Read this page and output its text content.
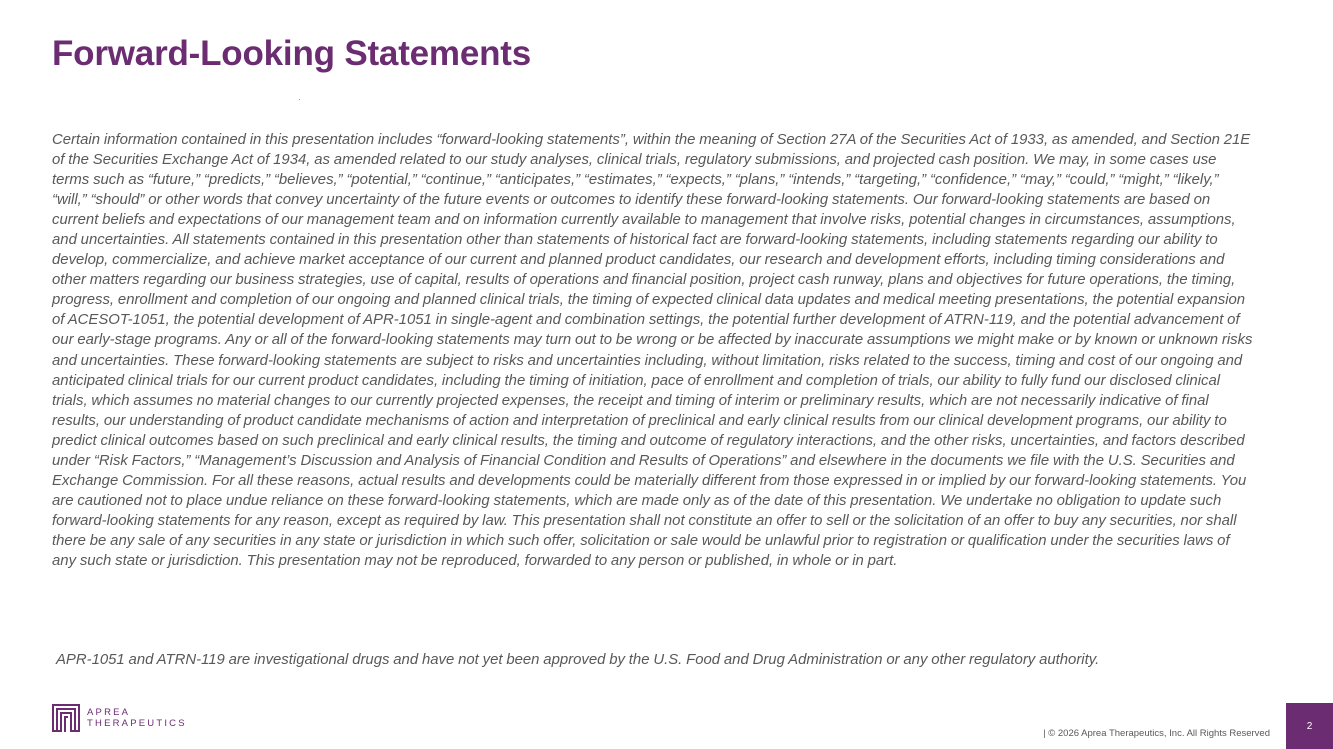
Forward-Looking Statements

Certain information contained in this presentation includes “forward-looking statements”, within the meaning of Section 27A of the Securities Act of 1933, as amended, and Section 21E of the Securities Exchange Act of 1934, as amended related to our study analyses, clinical trials, regulatory submissions, and projected cash position. We may, in some cases use terms such as “future,” “predicts,” “believes,” “potential,” “continue,” “anticipates,” “estimates,” “expects,” “plans,” “intends,” “targeting,” “confidence,” “may,” “could,” “might,” “likely,” “will,” “should” or other words that convey uncertainty of the future events or outcomes to identify these forward-looking statements. Our forward-looking statements are based on current beliefs and expectations of our management team and on information currently available to management that involve risks, potential changes in circumstances, assumptions, and uncertainties. All statements contained in this presentation other than statements of historical fact are forward-looking statements, including statements regarding our ability to develop, commercialize, and achieve market acceptance of our current and planned product candidates, our research and development efforts, including timing considerations and other matters regarding our business strategies, use of capital, results of operations and financial position, project cash runway, plans and objectives for future operations, the timing, progress, enrollment and completion of our ongoing and planned clinical trials, the timing of expected clinical data updates and medical meeting presentations, the potential expansion of ACESOT-1051, the potential development of APR-1051 in single-agent and combination settings, the potential further development of ATRN-119, and the potential advancement of our early-stage programs. Any or all of the forward-looking statements may turn out to be wrong or be affected by inaccurate assumptions we might make or by known or unknown risks and uncertainties. These forward-looking statements are subject to risks and uncertainties including, without limitation, risks related to the success, timing and cost of our ongoing and anticipated clinical trials for our current product candidates, including the timing of initiation, pace of enrollment and completion of trials, our ability to fully fund our disclosed clinical trials, which assumes no material changes to our currently projected expenses, the receipt and timing of interim or preliminary results, which are not necessarily indicative of final results, our understanding of product candidate mechanisms of action and interpretation of preclinical and early clinical results from our clinical development programs, our ability to predict clinical outcomes based on such preclinical and early clinical results, the timing and outcome of regulatory interactions, and the other risks, uncertainties, and factors described under “Risk Factors,” “Management’s Discussion and Analysis of Financial Condition and Results of Operations” and elsewhere in the documents we file with the U.S. Securities and Exchange Commission. For all these reasons, actual results and developments could be materially different from those expressed in or implied by our forward-looking statements. You are cautioned not to place undue reliance on these forward-looking statements, which are made only as of the date of this presentation. We undertake no obligation to update such forward-looking statements for any reason, except as required by law. This presentation shall not constitute an offer to sell or the solicitation of an offer to buy any securities, nor shall there be any sale of any securities in any state or jurisdiction in which such offer, solicitation or sale would be unlawful prior to registration or qualification under the securities laws of any such state or jurisdiction. This presentation may not be reproduced, forwarded to any person or published, in whole or in part.

APR-1051 and ATRN-119 are investigational drugs and have not yet been approved by the U.S. Food and Drug Administration or any other regulatory authority.

APREA
THERAPEUTICS
| © 2026 Aprea Therapeutics, Inc. All Rights Reserved
2
